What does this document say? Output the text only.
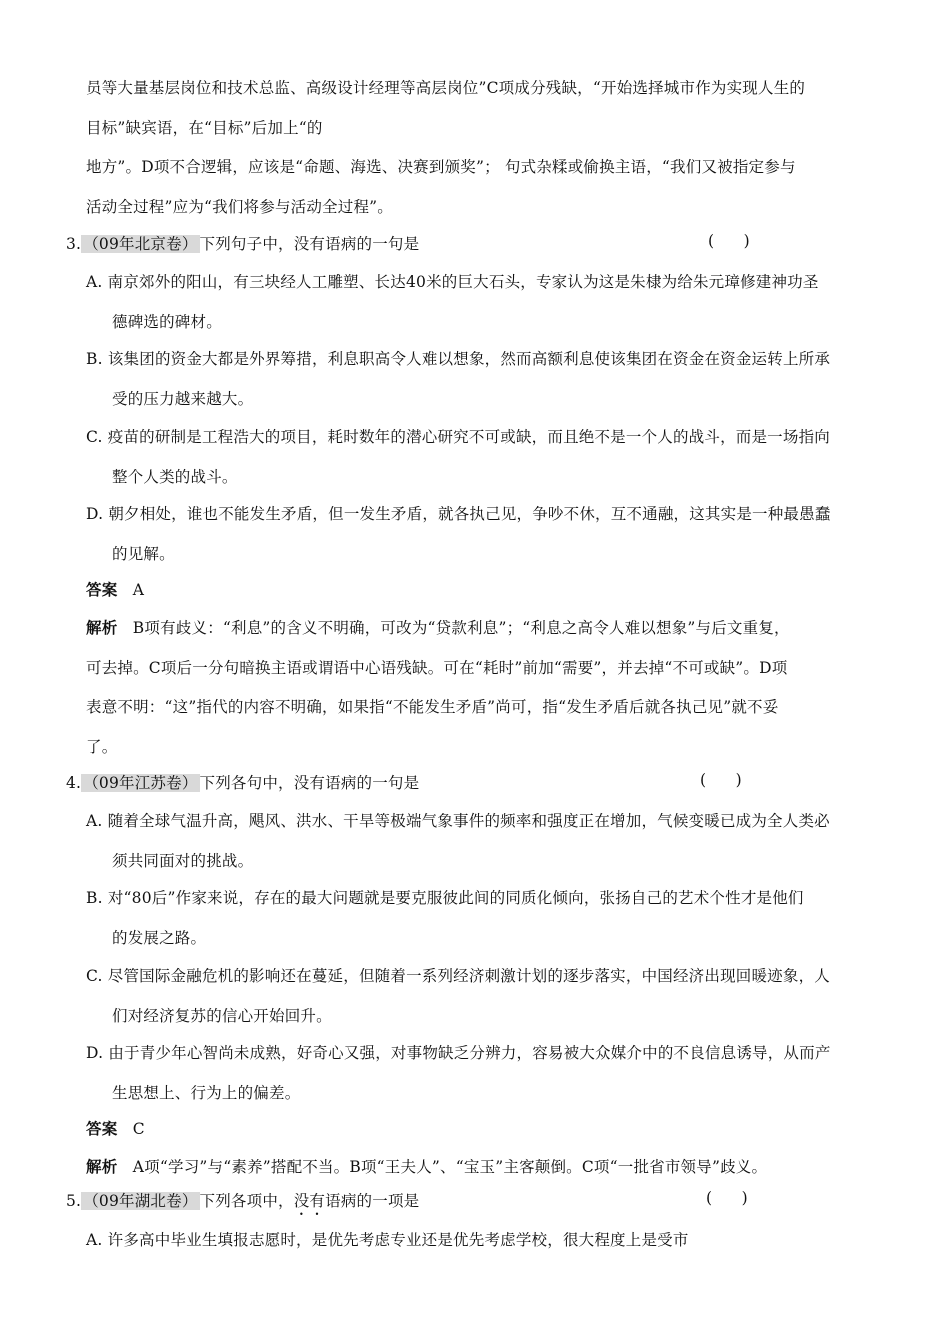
员等大量基层岗位和技术总监、高级设计经理等高层岗位”C项成分残缺，“开始选择城市作为实现人生的
目标”缺宾语，在“目标”后加上“的
地方”。D项不合逻辑，应该是“命题、海选、决赛到颁奖”； 句式杂糅或偷换主语，“我们又被指定参与
活动全过程”应为“我们将参与活动全过程”。
3. （09年北京卷） 下列句子中，没有语病的一句是	(      )
A. 南京郊外的阳山，有三块经人工雕塑、长达40米的巨大石头，专家认为这是朱棣为给朱元璋修建神功圣
德碑选的碑材。
B. 该集团的资金大都是外界筹措，利息职高令人难以想象，然而高额利息使该集团在资金在资金运转上所承
受的压力越来越大。
C. 疫苗的研制是工程浩大的项目，耗时数年的潜心研究不可或缺，而且绝不是一个人的战斗，而是一场指向
整个人类的战斗。
D. 朝夕相处，谁也不能发生矛盾，但一发生矛盾，就各执己见，争吵不休，互不通融，这其实是一种最愚蠢
的见解。
答案 A
解析 B项有歧义：“利息”的含义不明确，可改为“贷款利息”；“利息之高令人难以想象”与后文重复，
可去掉。C项后一分句暗换主语或谓语中心语残缺。可在“耗时”前加“需要”，并去掉“不可或缺”。D项
表意不明：“这”指代的内容不明确，如果指“不能发生矛盾”尚可，指“发生矛盾后就各执己见”就不妥
了。
4. （09年江苏卷） 下列各句中，没有语病的一句是	(      )
A. 随着全球气温升高，飓风、洪水、干旱等极端气象事件的频率和强度正在增加，气候变暖已成为全人类必
须共同面对的挑战。
B. 对“80后”作家来说，存在的最大问题就是要克服彼此间的同质化倾向，张扬自己的艺术个性才是他们
的发展之路。
C. 尽管国际金融危机的影响还在蔓延，但随着一系列经济刺激计划的逐步落实，中国经济出现回暖迹象，人
们对经济复苏的信心开始回升。
D. 由于青少年心智尚未成熟，好奇心又强，对事物缺乏分辨力，容易被大众媒介中的不良信息诱导，从而产
生思想上、行为上的偏差。
答案 C
解析 A项“学习”与“素养”搭配不当。B项“王夫人”、“宝玉”主客颠倒。C项“一批省市领导”歧义。
5. （09年湖北卷） 下列各项中，没有语病的一项是	(      )
A. 许多高中毕业生填报志愿时，是优先考虑专业还是优先考虑学校，很大程度上是受市
